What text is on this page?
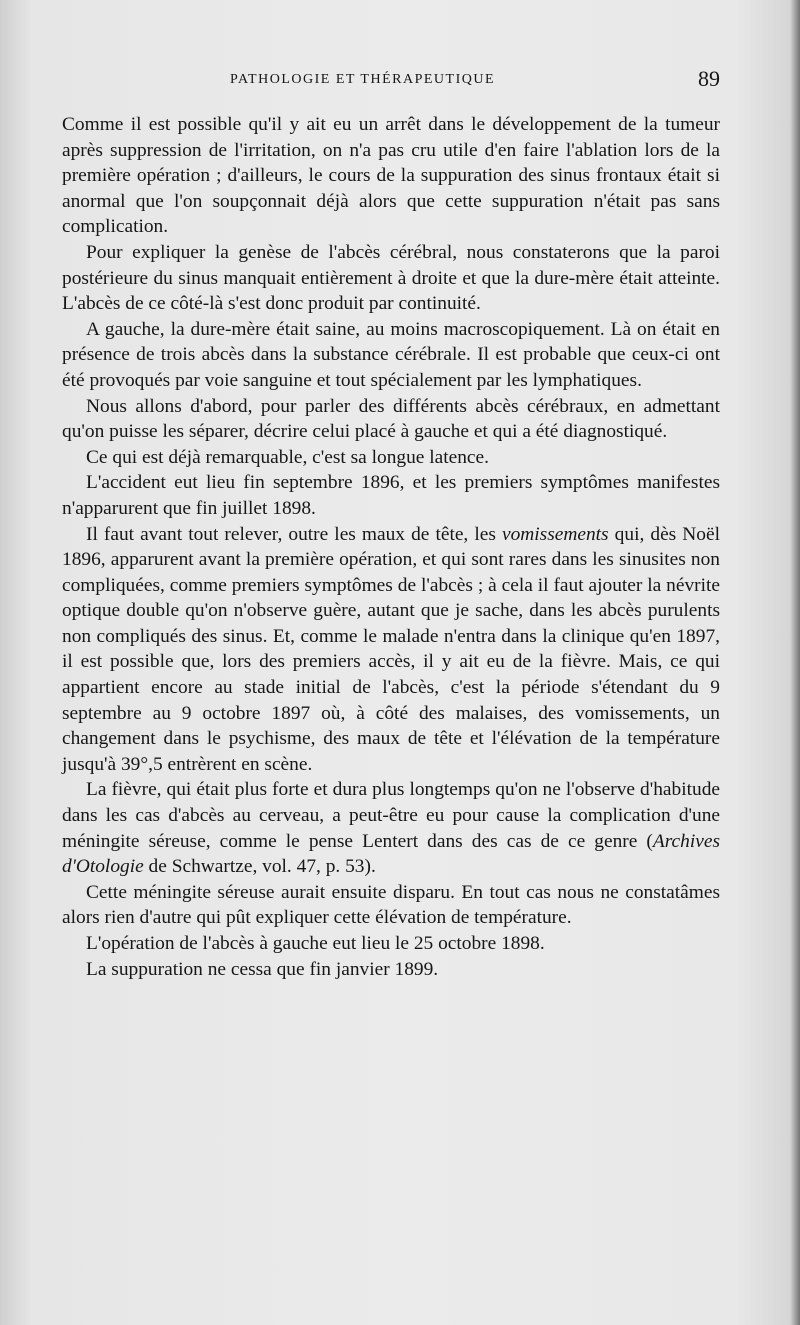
PATHOLOGIE ET THÉRAPEUTIQUE	89

Comme il est possible qu'il y ait eu un arrêt dans le développement de la tumeur après suppression de l'irritation, on n'a pas cru utile d'en faire l'ablation lors de la première opération ; d'ailleurs, le cours de la suppuration des sinus frontaux était si anormal que l'on soupçonnait déjà alors que cette suppuration n'était pas sans complication.

Pour expliquer la genèse de l'abcès cérébral, nous constaterons que la paroi postérieure du sinus manquait entièrement à droite et que la dure-mère était atteinte. L'abcès de ce côté-là s'est donc produit par continuité.

A gauche, la dure-mère était saine, au moins macroscopiquement. Là on était en présence de trois abcès dans la substance cérébrale. Il est probable que ceux-ci ont été provoqués par voie sanguine et tout spécialement par les lymphatiques.

Nous allons d'abord, pour parler des différents abcès cérébraux, en admettant qu'on puisse les séparer, décrire celui placé à gauche et qui a été diagnostiqué.

Ce qui est déjà remarquable, c'est sa longue latence.

L'accident eut lieu fin septembre 1896, et les premiers symptômes manifestes n'apparurent que fin juillet 1898.

Il faut avant tout relever, outre les maux de tête, les vomissements qui, dès Noël 1896, apparurent avant la première opération, et qui sont rares dans les sinusites non compliquées, comme premiers symptômes de l'abcès ; à cela il faut ajouter la névrite optique double qu'on n'observe guère, autant que je sache, dans les abcès purulents non compliqués des sinus. Et, comme le malade n'entra dans la clinique qu'en 1897, il est possible que, lors des premiers accès, il y ait eu de la fièvre. Mais, ce qui appartient encore au stade initial de l'abcès, c'est la période s'étendant du 9 septembre au 9 octobre 1897 où, à côté des malaises, des vomissements, un changement dans le psychisme, des maux de tête et l'élévation de la température jusqu'à 39°,5 entrèrent en scène.

La fièvre, qui était plus forte et dura plus longtemps qu'on ne l'observe d'habitude dans les cas d'abcès au cerveau, a peut-être eu pour cause la complication d'une méningite séreuse, comme le pense Lentert dans des cas de ce genre (Archives d'Otologie de Schwartze, vol. 47, p. 53).

Cette méningite séreuse aurait ensuite disparu. En tout cas nous ne constatâmes alors rien d'autre qui pût expliquer cette élévation de température.

L'opération de l'abcès à gauche eut lieu le 25 octobre 1898.

La suppuration ne cessa que fin janvier 1899.
